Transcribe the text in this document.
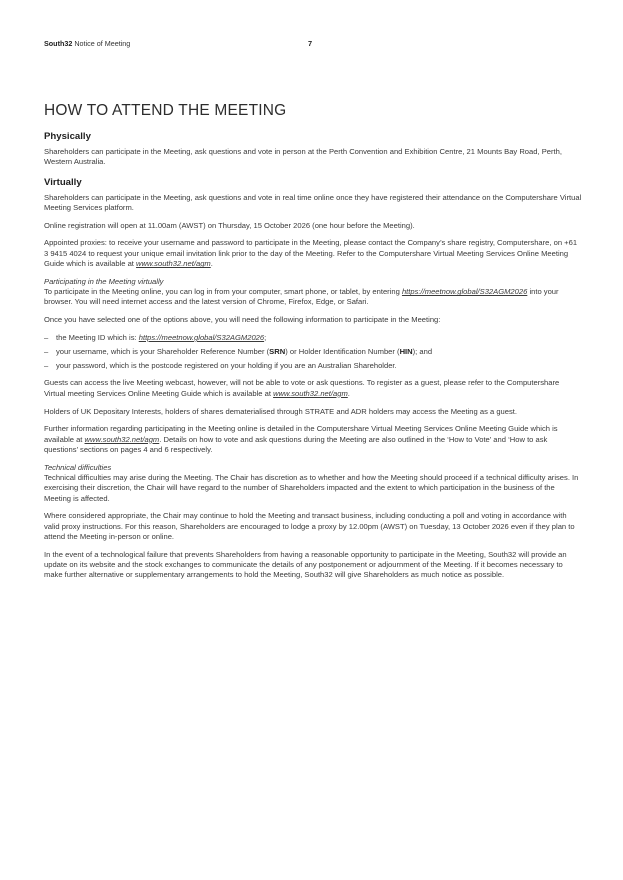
South32 Notice of Meeting	7
HOW TO ATTEND THE MEETING
Physically

Shareholders can participate in the Meeting, ask questions and vote in person at the Perth Convention and Exhibition Centre, 21 Mounts Bay Road, Perth, Western Australia.

Virtually

Shareholders can participate in the Meeting, ask questions and vote in real time online once they have registered their attendance on the Computershare Virtual Meeting Services platform.

Online registration will open at 11.00am (AWST) on Thursday, 15 October 2026 (one hour before the Meeting).

Appointed proxies: to receive your username and password to participate in the Meeting, please contact the Company’s share registry, Computershare, on +61 3 9415 4024 to request your unique email invitation link prior to the day of the Meeting. Refer to the Computershare Virtual Meeting Services Online Meeting Guide which is available at www.south32.net/agm.

Participating in the Meeting virtually

To participate in the Meeting online, you can log in from your computer, smart phone, or tablet, by entering https://meetnow.global/S32AGM2026 into your browser. You will need internet access and the latest version of Chrome, Firefox, Edge, or Safari.

Once you have selected one of the options above, you will need the following information to participate in the Meeting:

– the Meeting ID which is: https://meetnow.global/S32AGM2026;
– your username, which is your Shareholder Reference Number (SRN) or Holder Identification Number (HIN); and
– your password, which is the postcode registered on your holding if you are an Australian Shareholder.

Guests can access the live Meeting webcast, however, will not be able to vote or ask questions. To register as a guest, please refer to the Computershare Virtual meeting Services Online Meeting Guide which is available at www.south32.net/agm.

Holders of UK Depositary Interests, holders of shares dematerialised through STRATE and ADR holders may access the Meeting as a guest.

Further information regarding participating in the Meeting online is detailed in the Computershare Virtual Meeting Services Online Meeting Guide which is available at www.south32.net/agm. Details on how to vote and ask questions during the Meeting are also outlined in the ‘How to Vote’ and ‘How to ask questions’ sections on pages 4 and 6 respectively.

Technical difficulties

Technical difficulties may arise during the Meeting. The Chair has discretion as to whether and how the Meeting should proceed if a technical difficulty arises. In exercising their discretion, the Chair will have regard to the number of Shareholders impacted and the extent to which participation in the business of the Meeting is affected.

Where considered appropriate, the Chair may continue to hold the Meeting and transact business, including conducting a poll and voting in accordance with valid proxy instructions. For this reason, Shareholders are encouraged to lodge a proxy by 12.00pm (AWST) on Tuesday, 13 October 2026 even if they plan to attend the Meeting in-person or online.

In the event of a technological failure that prevents Shareholders from having a reasonable opportunity to participate in the Meeting, South32 will provide an update on its website and the stock exchanges to communicate the details of any postponement or adjournment of the Meeting. If it becomes necessary to make further alternative or supplementary arrangements to hold the Meeting, South32 will give Shareholders as much notice as possible.
